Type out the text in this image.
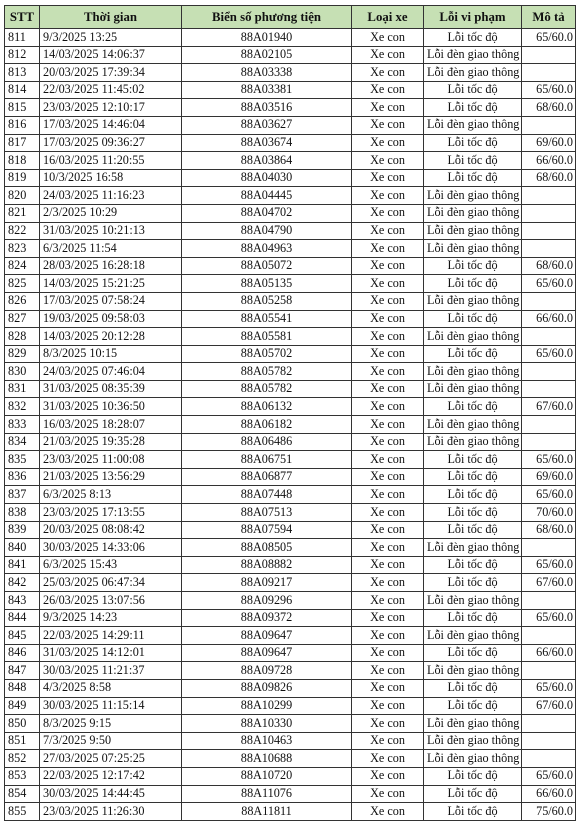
STT	Thời gian	Biển số phương tiện	Loại xe	Lỗi vi phạm	Mô tả
811	9/3/2025 13:25	88A01940	Xe con	Lỗi tốc độ	65/60.0
812	14/03/2025 14:06:37	88A02105	Xe con	Lỗi đèn giao thông	
813	20/03/2025 17:39:34	88A03338	Xe con	Lỗi đèn giao thông	
814	22/03/2025 11:45:02	88A03381	Xe con	Lỗi tốc độ	65/60.0
815	23/03/2025 12:10:17	88A03516	Xe con	Lỗi tốc độ	68/60.0
816	17/03/2025 14:46:04	88A03627	Xe con	Lỗi đèn giao thông	
817	17/03/2025 09:36:27	88A03674	Xe con	Lỗi tốc độ	69/60.0
818	16/03/2025 11:20:55	88A03864	Xe con	Lỗi tốc độ	66/60.0
819	10/3/2025 16:58	88A04030	Xe con	Lỗi tốc độ	68/60.0
820	24/03/2025 11:16:23	88A04445	Xe con	Lỗi đèn giao thông	
821	2/3/2025 10:29	88A04702	Xe con	Lỗi đèn giao thông	
822	31/03/2025 10:21:13	88A04790	Xe con	Lỗi đèn giao thông	
823	6/3/2025 11:54	88A04963	Xe con	Lỗi đèn giao thông	
824	28/03/2025 16:28:18	88A05072	Xe con	Lỗi tốc độ	68/60.0
825	14/03/2025 15:21:25	88A05135	Xe con	Lỗi tốc độ	65/60.0
826	17/03/2025 07:58:24	88A05258	Xe con	Lỗi đèn giao thông	
827	19/03/2025 09:58:03	88A05541	Xe con	Lỗi tốc độ	66/60.0
828	14/03/2025 20:12:28	88A05581	Xe con	Lỗi đèn giao thông	
829	8/3/2025 10:15	88A05702	Xe con	Lỗi tốc độ	65/60.0
830	24/03/2025 07:46:04	88A05782	Xe con	Lỗi đèn giao thông	
831	31/03/2025 08:35:39	88A05782	Xe con	Lỗi đèn giao thông	
832	31/03/2025 10:36:50	88A06132	Xe con	Lỗi tốc độ	67/60.0
833	16/03/2025 18:28:07	88A06182	Xe con	Lỗi đèn giao thông	
834	21/03/2025 19:35:28	88A06486	Xe con	Lỗi đèn giao thông	
835	23/03/2025 11:00:08	88A06751	Xe con	Lỗi tốc độ	65/60.0
836	21/03/2025 13:56:29	88A06877	Xe con	Lỗi tốc độ	69/60.0
837	6/3/2025 8:13	88A07448	Xe con	Lỗi tốc độ	65/60.0
838	23/03/2025 17:13:55	88A07513	Xe con	Lỗi tốc độ	70/60.0
839	20/03/2025 08:08:42	88A07594	Xe con	Lỗi tốc độ	68/60.0
840	30/03/2025 14:33:06	88A08505	Xe con	Lỗi đèn giao thông	
841	6/3/2025 15:43	88A08882	Xe con	Lỗi tốc độ	65/60.0
842	25/03/2025 06:47:34	88A09217	Xe con	Lỗi tốc độ	67/60.0
843	26/03/2025 13:07:56	88A09296	Xe con	Lỗi đèn giao thông	
844	9/3/2025 14:23	88A09372	Xe con	Lỗi tốc độ	65/60.0
845	22/03/2025 14:29:11	88A09647	Xe con	Lỗi đèn giao thông	
846	31/03/2025 14:12:01	88A09647	Xe con	Lỗi tốc độ	66/60.0
847	30/03/2025 11:21:37	88A09728	Xe con	Lỗi đèn giao thông	
848	4/3/2025 8:58	88A09826	Xe con	Lỗi tốc độ	65/60.0
849	30/03/2025 11:15:14	88A10299	Xe con	Lỗi tốc độ	67/60.0
850	8/3/2025 9:15	88A10330	Xe con	Lỗi đèn giao thông	
851	7/3/2025 9:50	88A10463	Xe con	Lỗi đèn giao thông	
852	27/03/2025 07:25:25	88A10688	Xe con	Lỗi đèn giao thông	
853	22/03/2025 12:17:42	88A10720	Xe con	Lỗi tốc độ	65/60.0
854	30/03/2025 14:44:45	88A11076	Xe con	Lỗi tốc độ	66/60.0
855	23/03/2025 11:26:30	88A11811	Xe con	Lỗi tốc độ	75/60.0
